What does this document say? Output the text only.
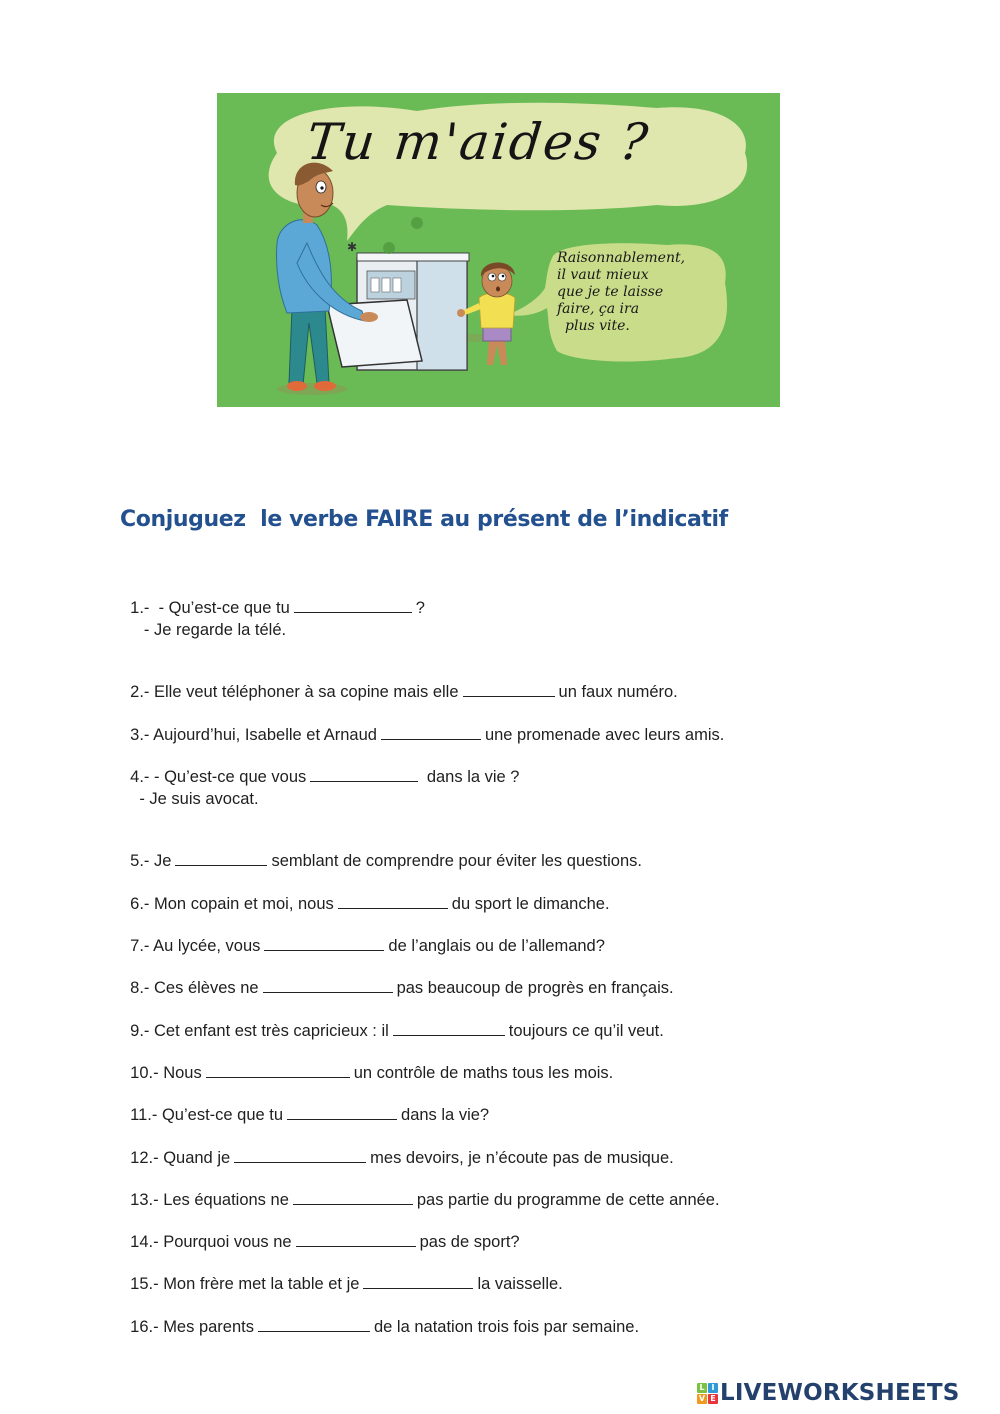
✱
Tu m'aides ?
Raisonnablement,
il vaut mieux
que je te laisse
faire, ça ira
plus vite.
Conjuguez  le verbe FAIRE au présent de l’indicatif

1.-  - Qu’est-ce que tu	?

- Je regarde la télé.

2.- Elle veut téléphoner à sa copine mais elle	un faux numéro.

3.- Aujourd’hui, Isabelle et Arnaud	une promenade avec leurs amis.

4.- - Qu’est-ce que vous	dans la vie ?

- Je suis avocat.

5.- Je	semblant de comprendre pour éviter les questions.

6.- Mon copain et moi, nous	du sport le dimanche.

7.- Au lycée, vous	de l’anglais ou de l’allemand?

8.- Ces élèves ne	pas beaucoup de progrès en français.

9.- Cet enfant est très capricieux : il	toujours ce qu’il veut.

10.- Nous	un contrôle de maths tous les mois.

11.- Qu’est-ce que tu	dans la vie?

12.- Quand je	mes devoirs, je n’écoute pas de musique.

13.- Les équations ne	pas partie du programme de cette année.

14.- Pourquoi vous ne	pas de sport?

15.- Mon frère met la table et je	la vaisselle.

16.- Mes parents	de la natation trois fois par semaine.

L I
V E LIVEWORKSHEETS
